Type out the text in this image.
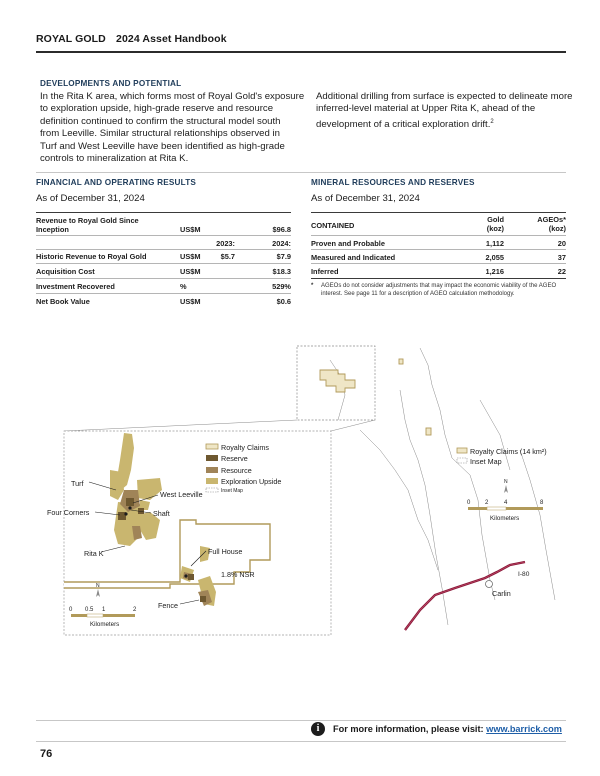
ROYAL GOLD 2024 Asset Handbook
DEVELOPMENTS AND POTENTIAL
In the Rita K area, which forms most of Royal Gold's exposure
to exploration upside, high-grade reserve and resource
definition continued to confirm the structural model south
from Leeville. Similar structural relationships observed in
Turf and West Leeville have been identified as high-grade
controls to mineralization at Rita K.
Additional drilling from surface is expected to delineate more
inferred-level material at Upper Rita K, ahead of the
development of a critical exploration drift.$^2$
FINANCIAL AND OPERATING RESULTS
As of December 31, 2024
Revenue to Royal Gold Since
Inception	US$M	$96.8
2023:	2024:
Historic Revenue to Royal Gold	US$M	$5.7	$7.9
Acquisition Cost	US$M	$18.3
Investment Recovered	%	529%
Net Book Value	US$M	$0.6
MINERAL RESOURCES AND RESERVES
As of December 31, 2024
CONTAINED
Gold
(koz)
AGEOs*
(koz)
Proven and Probable	1,112	20
Measured and Indicated	2,055	37
Inferred	1,216	22
*	AGEOs do not consider adjustments that may impact the economic viability of the AGEO
interest. See page 11 for a description of AGEO calculation methodology.
Royalty Claims (14 km²)
Inset Map
N
0 2	4	8
Kilometers
Carlin
I-80
Turf
West Leeville
Four Corners	Shaft
Rita K	Full House
1.8% NSR
Fence
Royalty Claims
Reserve
Resource
Exploration Upside
Inset Map
N
0 0.5 1	2
Kilometers
i	For more information, please visit: www.barrick.com
76
